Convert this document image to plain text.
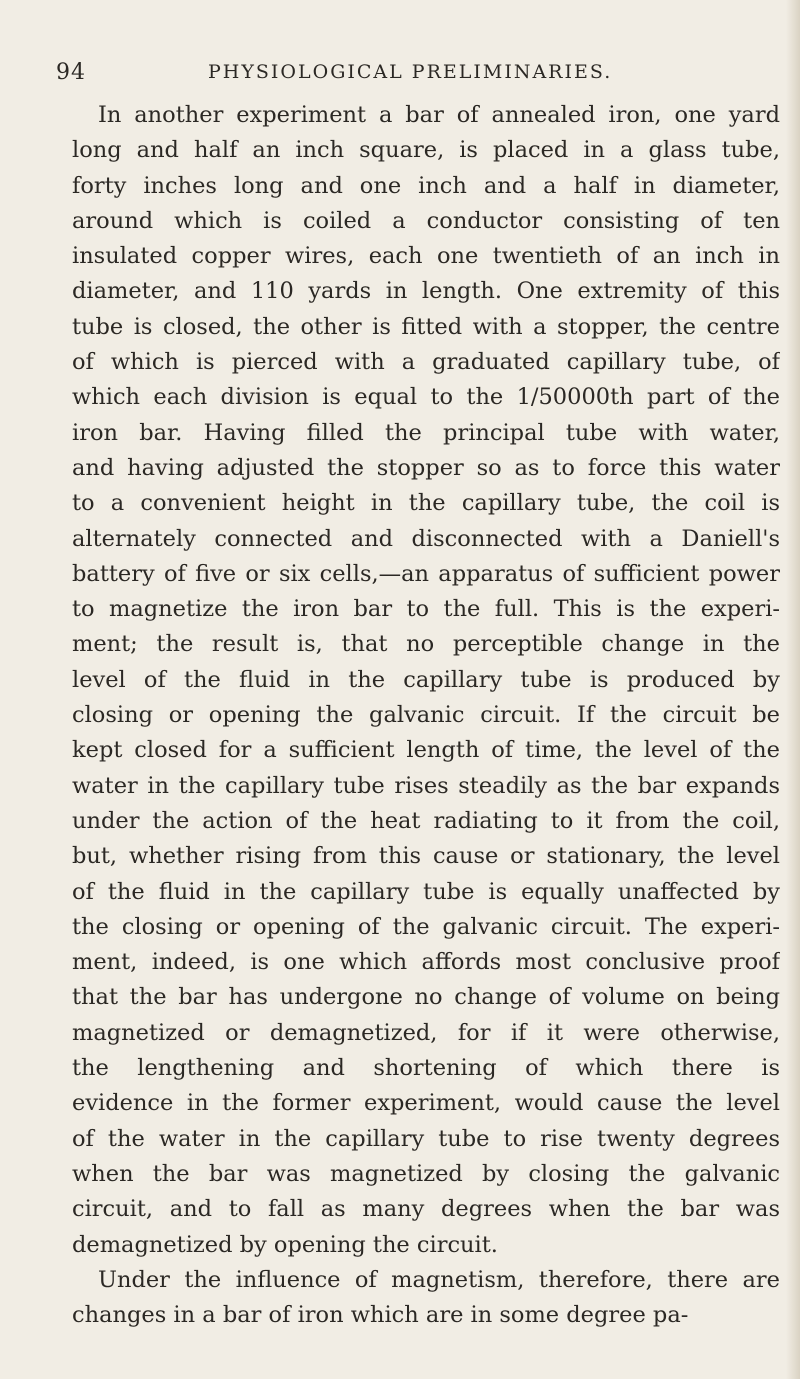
94	PHYSIOLOGICAL PRELIMINARIES.
In another experiment a bar of annealed iron, one yard
long and half an inch square, is placed in a glass tube,
forty inches long and one inch and a half in diameter,
around which is coiled a conductor consisting of ten
insulated copper wires, each one twentieth of an inch in
diameter, and 110 yards in length. One extremity of this
tube is closed, the other is fitted with a stopper, the centre
of which is pierced with a graduated capillary tube, of
which each division is equal to the 1/50000th part of the
iron bar. Having filled the principal tube with water,
and having adjusted the stopper so as to force this water
to a convenient height in the capillary tube, the coil is
alternately connected and disconnected with a Daniell's
battery of five or six cells,—an apparatus of sufficient power
to magnetize the iron bar to the full. This is the experi-
ment; the result is, that no perceptible change in the
level of the fluid in the capillary tube is produced by
closing or opening the galvanic circuit. If the circuit be
kept closed for a sufficient length of time, the level of the
water in the capillary tube rises steadily as the bar expands
under the action of the heat radiating to it from the coil,
but, whether rising from this cause or stationary, the level
of the fluid in the capillary tube is equally unaffected by
the closing or opening of the galvanic circuit. The experi-
ment, indeed, is one which affords most conclusive proof
that the bar has undergone no change of volume on being
magnetized or demagnetized, for if it were otherwise,
the lengthening and shortening of which there is
evidence in the former experiment, would cause the level
of the water in the capillary tube to rise twenty degrees
when the bar was magnetized by closing the galvanic
circuit, and to fall as many degrees when the bar was
demagnetized by opening the circuit.
Under the influence of magnetism, therefore, there are
changes in a bar of iron which are in some degree pa-
